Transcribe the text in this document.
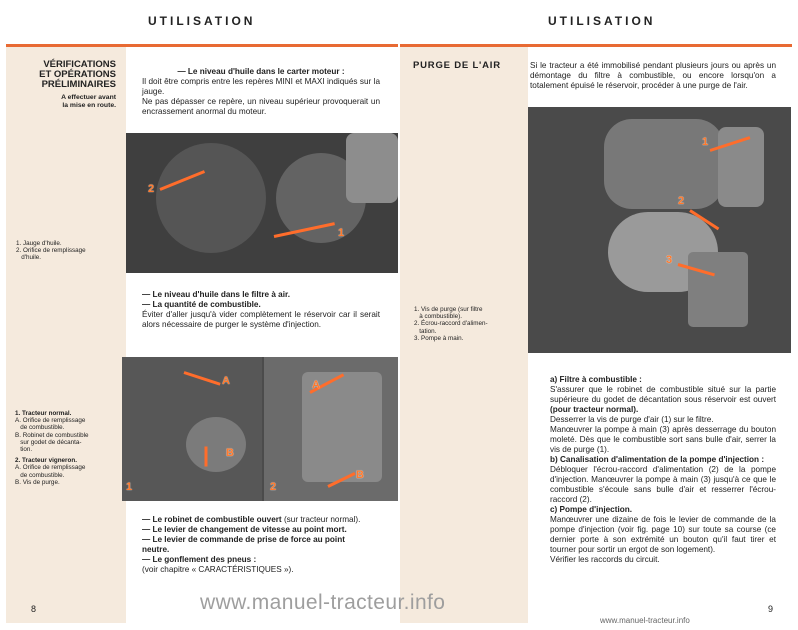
UTILISATION
VÉRIFICATIONS
ET OPÉRATIONS
PRÉLIMINAIRES
A effectuer avant
la mise en route.
— Le niveau d'huile dans le carter moteur :
Il doit être compris entre les repères MINI et MAXI indiqués sur la jauge.
Ne pas dépasser ce repère, un niveau supérieur provoquerait un encrassement anormal du moteur.
2
1
1. Jauge d'huile.
2. Orifice de remplissage
d'huile.
— Le niveau d'huile dans le filtre à air.
— La quantité de combustible.
Éviter d'aller jusqu'à vider complètement le réservoir car il serait alors nécessaire de purger le système d'injection.
A
B
A
B
1	2
1. Tracteur normal.
A. Orifice de remplissage
de combustible.
B. Robinet de combustible
sur godet de décanta-
tion.
2. Tracteur vigneron.
A. Orifice de remplissage
de combustible.
B. Vis de purge.
— Le robinet de combustible ouvert (sur tracteur normal).
— Le levier de changement de vitesse au point mort.
— Le levier de commande de prise de force au point neutre.
— Le gonflement des pneus :
(voir chapitre « CARACTÉRISTIQUES »).
8
UTILISATION
PURGE DE L'AIR	Si le tracteur a été immobilisé pendant plusieurs jours ou après un démontage du filtre à combustible, ou encore lorsqu'on a totalement épuisé le réservoir, procéder à une purge de l'air.
1
2
3
1. Vis de purge (sur filtre
à combustible).
2. Écrou-raccord d'alimen-
tation.
3. Pompe à main.
a) Filtre à combustible :
S'assurer que le robinet de combustible situé sur la partie supérieure du godet de décantation sous réservoir est ouvert (pour tracteur normal).
Desserrer la vis de purge d'air (1) sur le filtre.
Manœuvrer la pompe à main (3) après desserrage du bouton moleté. Dès que le combustible sort sans bulle d'air, serrer la vis de purge (1).
b) Canalisation d'alimentation de la pompe d'injection :
Débloquer l'écrou-raccord d'alimentation (2) de la pompe d'injection. Manœuvrer la pompe à main (3) jusqu'à ce que le combustible s'écoule sans bulle d'air et resserrer l'écrou-raccord (2).
c) Pompe d'injection.
Manœuvrer une dizaine de fois le levier de commande de la pompe d'injection (voir fig. page 10) sur toute sa course (ce dernier porte à son extrémité un bouton qu'il faut tirer et tourner pour sortir un ergot de son logement).
Vérifier les raccords du circuit.
9
www.manuel-tracteur.info
www.manuel-tracteur.info
